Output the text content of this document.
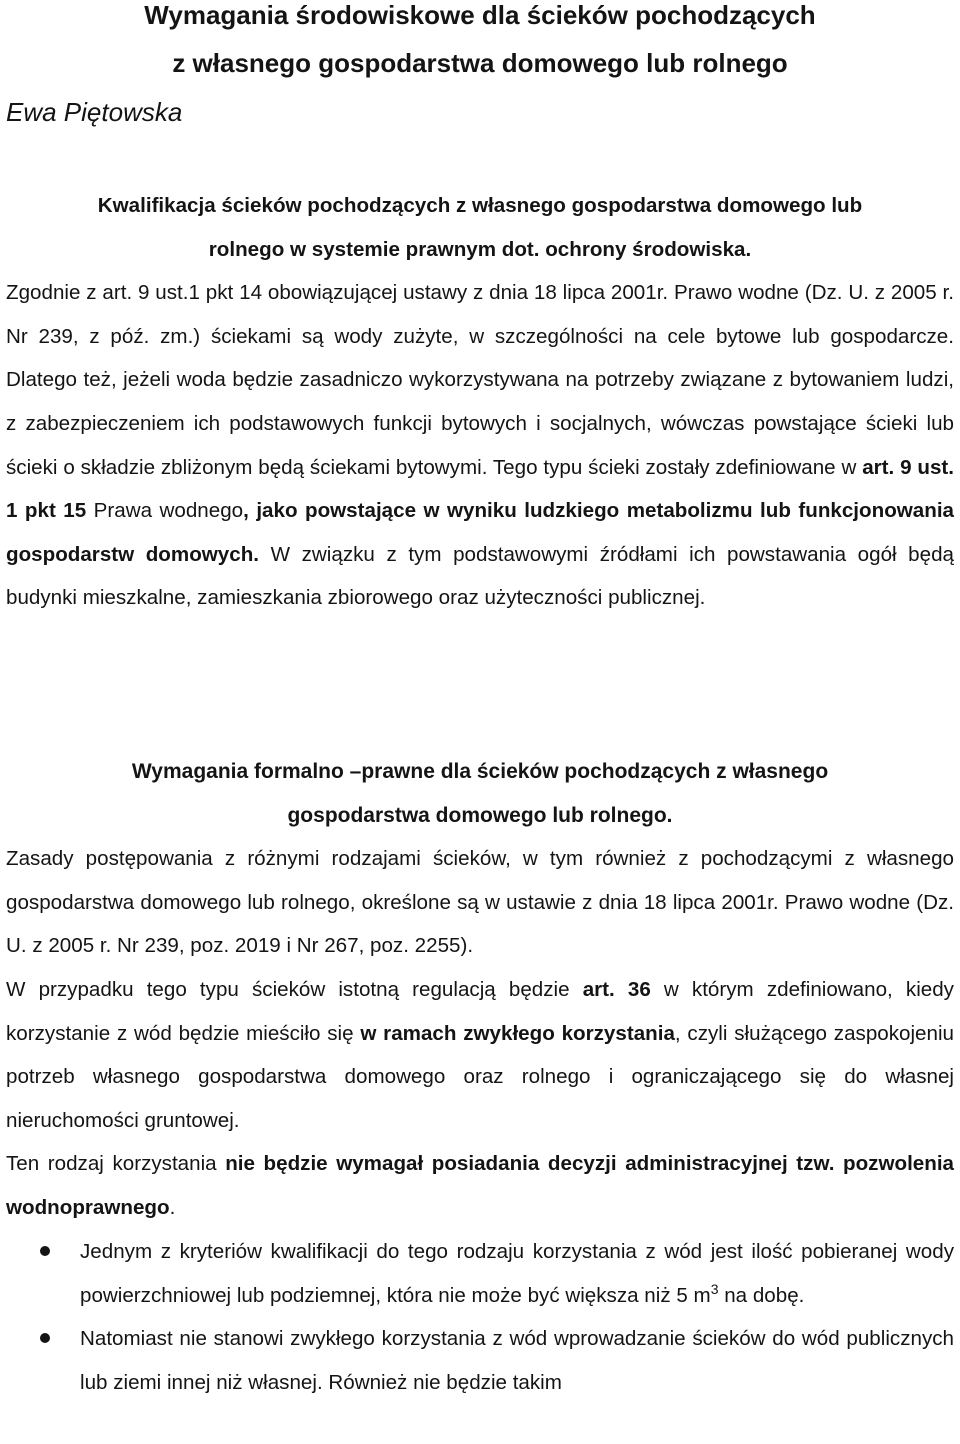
Wymagania środowiskowe dla ścieków pochodzących
z własnego gospodarstwa domowego lub rolnego

Ewa Piętowska

Kwalifikacja ścieków pochodzących z własnego gospodarstwa domowego lub
rolnego w systemie prawnym dot. ochrony środowiska.

Zgodnie z art. 9 ust.1 pkt 14 obowiązującej ustawy z dnia 18 lipca 2001r. Prawo wodne (Dz. U. z 2005 r. Nr 239, z póź. zm.) ściekami są wody zużyte, w szczególności na cele bytowe lub gospodarcze. Dlatego też, jeżeli woda będzie zasadniczo wykorzystywana na potrzeby związane z bytowaniem ludzi, z zabezpieczeniem ich podstawowych funkcji bytowych i socjalnych, wówczas powstające ścieki lub ścieki o składzie zbliżonym będą ściekami bytowymi. Tego typu ścieki zostały zdefiniowane w art. 9 ust. 1 pkt 15 Prawa wodnego, jako powstające w wyniku ludzkiego metabolizmu lub funkcjonowania gospodarstw domowych. W związku z tym podstawowymi źródłami ich powstawania ogół będą budynki mieszkalne, zamieszkania zbiorowego oraz użyteczności publicznej.

Wymagania formalno –prawne dla ścieków pochodzących z własnego
gospodarstwa domowego lub rolnego.

Zasady postępowania z różnymi rodzajami ścieków, w tym również z pochodzącymi z własnego gospodarstwa domowego lub rolnego, określone są w ustawie z dnia 18 lipca 2001r. Prawo wodne (Dz. U. z 2005 r. Nr 239, poz. 2019 i Nr 267, poz. 2255).

W przypadku tego typu ścieków istotną regulacją będzie art. 36 w którym zdefiniowano, kiedy korzystanie z wód będzie mieściło się w ramach zwykłego korzystania, czyli służącego zaspokojeniu potrzeb własnego gospodarstwa domowego oraz rolnego i ograniczającego się do własnej nieruchomości gruntowej.

Ten rodzaj korzystania nie będzie wymagał posiadania decyzji administracyjnej tzw. pozwolenia wodnoprawnego.

Jednym z kryteriów kwalifikacji do tego rodzaju korzystania z wód jest ilość pobieranej wody powierzchniowej lub podziemnej, która nie może być większa niż 5 $m^3$ na dobę.
Natomiast nie stanowi zwykłego korzystania z wód wprowadzanie ścieków do wód publicznych lub ziemi innej niż własnej. Również nie będzie takim
